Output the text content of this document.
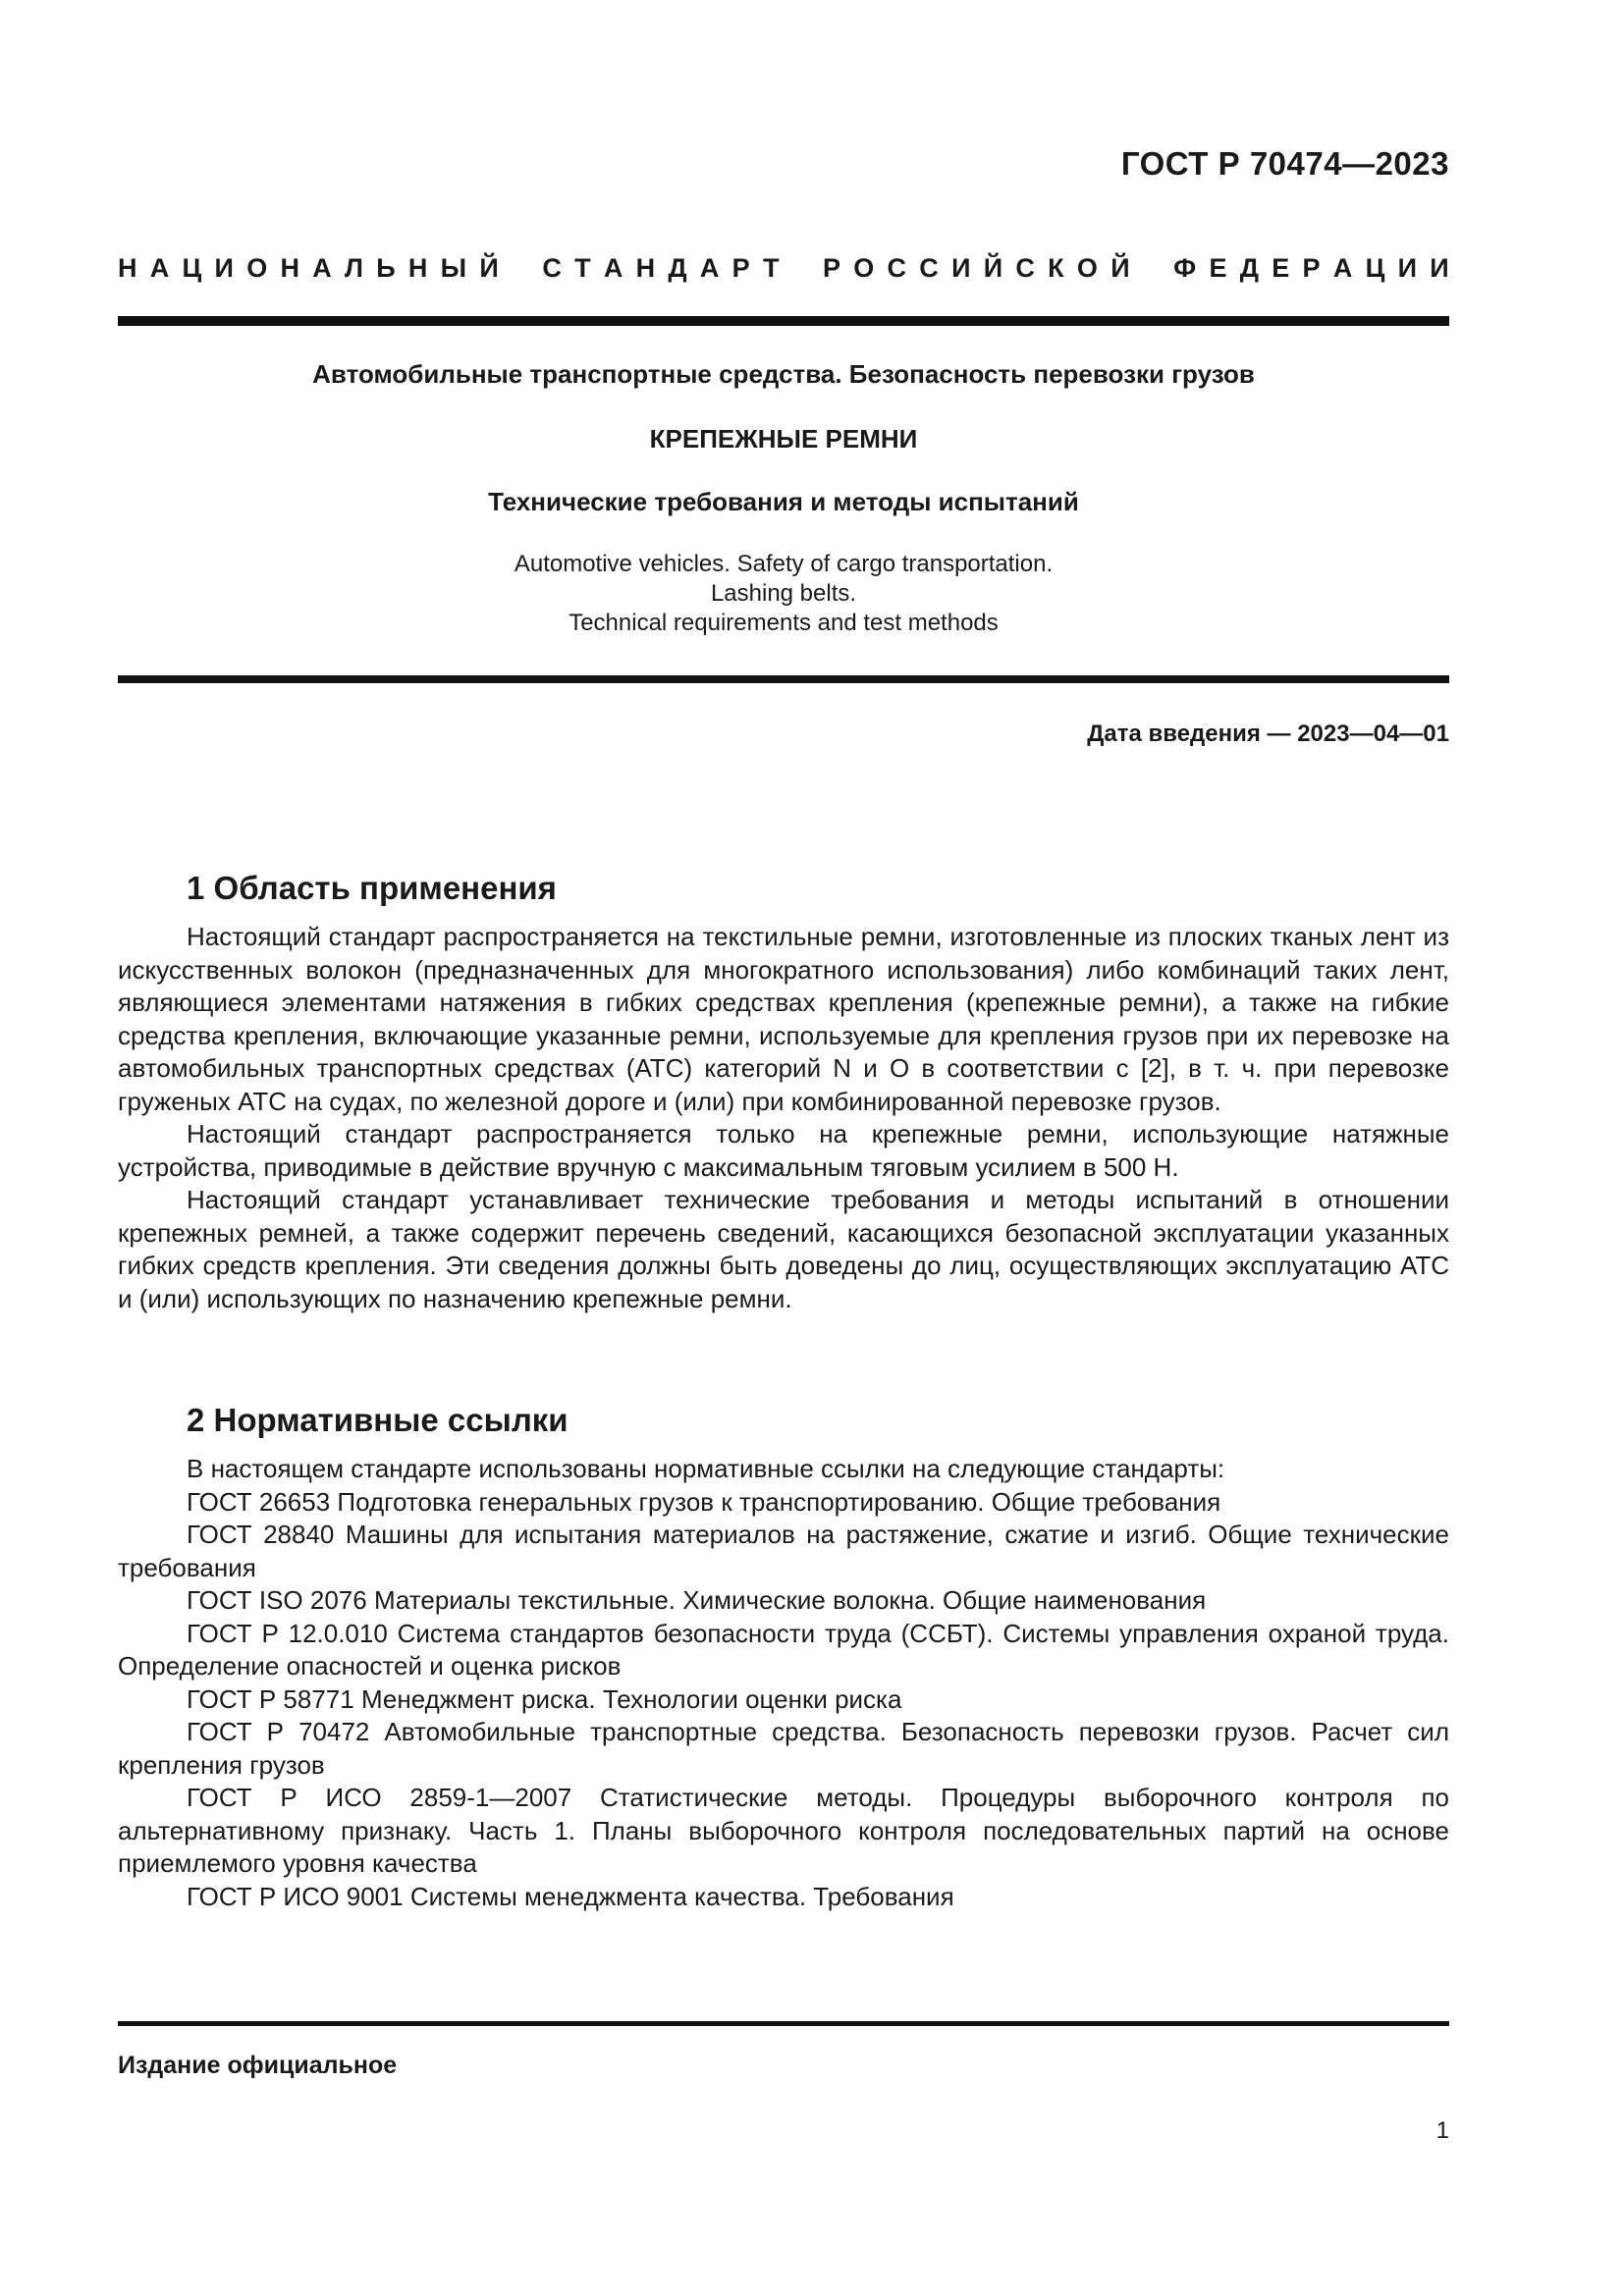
ГОСТ Р 70474—2023
Н А Ц И О Н А Л Ь Н Ы Й
С Т А Н Д А Р Т
Р О С С И Й С К О Й
Ф Е Д Е Р А Ц И И
Автомобильные транспортные средства. Безопасность перевозки грузов
КРЕПЕЖНЫЕ РЕМНИ
Технические требования и методы испытаний
Automotive vehicles. Safety of cargo transportation.
Lashing belts.
Technical requirements and test methods
Дата введения — 2023—04—01
1 Область применения

Настоящий стандарт распространяется на текстильные ремни, изготовленные из плоских тканых лент из искусственных волокон (предназначенных для многократного использования) либо комбинаций таких лент, являющиеся элементами натяжения в гибких средствах крепления (крепежные ремни), а также на гибкие средства крепления, включающие указанные ремни, используемые для крепления грузов при их перевозке на автомобильных транспортных средствах (АТС) категорий N и O в соответствии с [2], в т. ч. при перевозке груженых АТС на судах, по железной дороге и (или) при комбинированной перевозке грузов.

Настоящий стандарт распространяется только на крепежные ремни, использующие натяжные устройства, приводимые в действие вручную с максимальным тяговым усилием в 500 Н.

Настоящий стандарт устанавливает технические требования и методы испытаний в отношении крепежных ремней, а также содержит перечень сведений, касающихся безопасной эксплуатации указанных гибких средств крепления. Эти сведения должны быть доведены до лиц, осуществляющих эксплуатацию АТС и (или) использующих по назначению крепежные ремни.

2 Нормативные ссылки

В настоящем стандарте использованы нормативные ссылки на следующие стандарты:

ГОСТ 26653 Подготовка генеральных грузов к транспортированию. Общие требования

ГОСТ 28840 Машины для испытания материалов на растяжение, сжатие и изгиб. Общие технические требования

ГОСТ ISO 2076 Материалы текстильные. Химические волокна. Общие наименования

ГОСТ Р 12.0.010 Система стандартов безопасности труда (ССБТ). Системы управления охраной труда. Определение опасностей и оценка рисков

ГОСТ Р 58771 Менеджмент риска. Технологии оценки риска

ГОСТ Р 70472 Автомобильные транспортные средства. Безопасность перевозки грузов. Расчет сил крепления грузов

ГОСТ Р ИСО 2859-1—2007 Статистические методы. Процедуры выборочного контроля по альтернативному признаку. Часть 1. Планы выборочного контроля последовательных партий на основе приемлемого уровня качества

ГОСТ Р ИСО 9001 Системы менеджмента качества. Требования

Издание официальное
1
